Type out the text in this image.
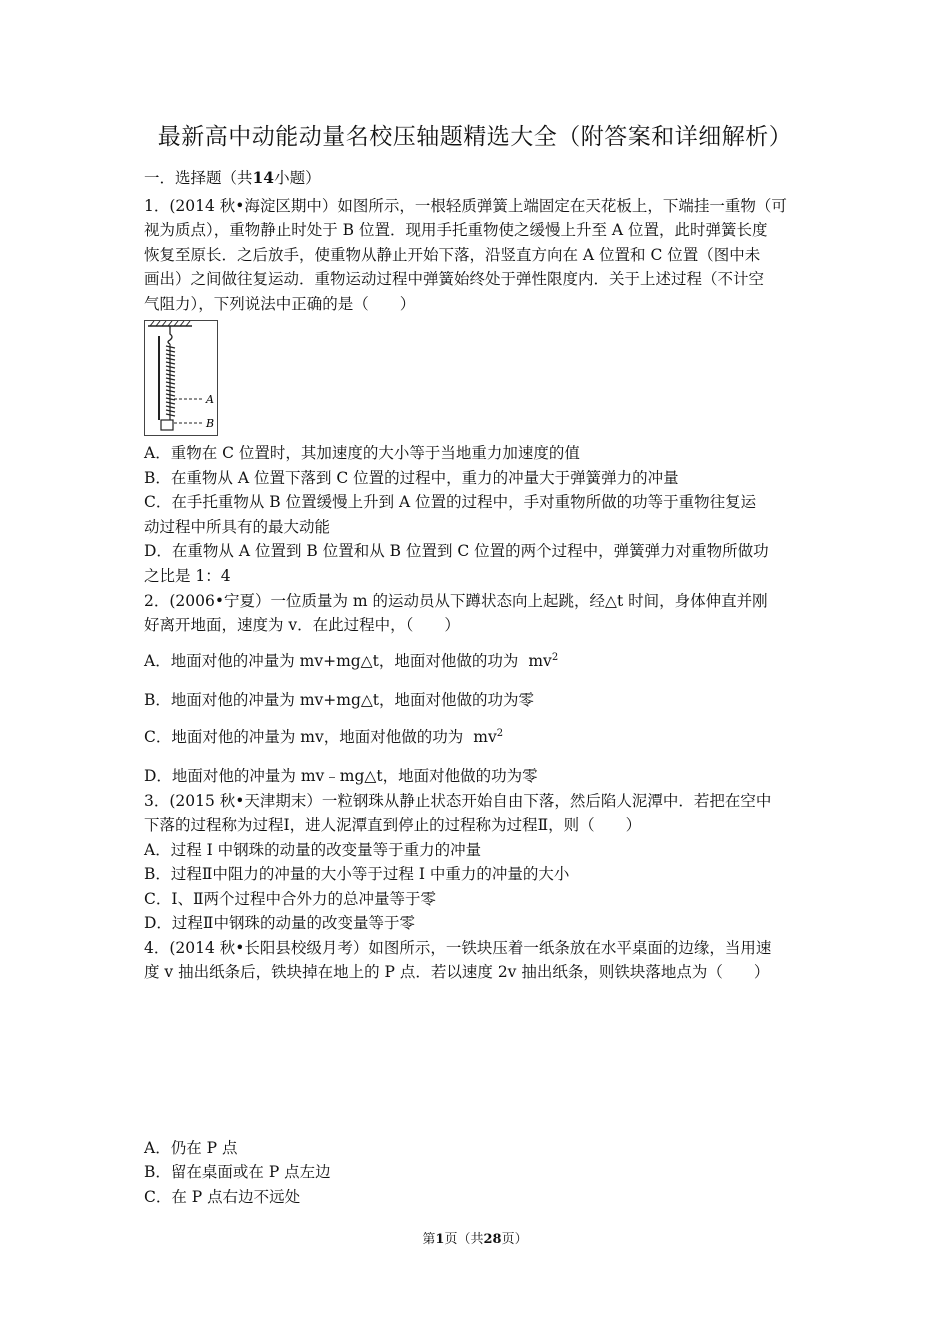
最新高中动能动量名校压轴题精选大全（附答案和详细解析）
一．选择题（共14小题）
1．(2014 秋•海淀区期中）如图所示，一根轻质弹簧上端固定在天花板上，下端挂一重物（可
视为质点），重物静止时处于 B 位置．现用手托重物使之缓慢上升至 A 位置，此时弹簧长度
恢复至原长．之后放手，使重物从静止开始下落，沿竖直方向在 A 位置和 C 位置（图中未
画出）之间做往复运动．重物运动过程中弹簧始终处于弹性限度内．关于上述过程（不计空
气阻力），下列说法中正确的是（　　）
A
B
A．重物在 C 位置时，其加速度的大小等于当地重力加速度的值
B．在重物从 A 位置下落到 C 位置的过程中，重力的冲量大于弹簧弹力的冲量
C．在手托重物从 B 位置缓慢上升到 A 位置的过程中，手对重物所做的功等于重物往复运
动过程中所具有的最大动能
D．在重物从 A 位置到 B 位置和从 B 位置到 C 位置的两个过程中，弹簧弹力对重物所做功
之比是 1：4
2．(2006•宁夏）一位质量为 m 的运动员从下蹲状态向上起跳，经△t 时间，身体伸直并刚
好离开地面，速度为 v．在此过程中，（　　）
A．地面对他的冲量为 mv+mg△t，地面对他做的功为 $mv^2$
B．地面对他的冲量为 mv+mg△t，地面对他做的功为零
C．地面对他的冲量为 mv，地面对他做的功为 $mv^2$
D．地面对他的冲量为 mv﹣mg△t，地面对他做的功为零
3．(2015 秋•天津期末）一粒钢珠从静止状态开始自由下落，然后陷人泥潭中．若把在空中
下落的过程称为过程Ⅰ，进人泥潭直到停止的过程称为过程Ⅱ，则（　　）
A．过程 I 中钢珠的动量的改变量等于重力的冲量
B．过程Ⅱ中阻力的冲量的大小等于过程 I 中重力的冲量的大小
C．I、Ⅱ两个过程中合外力的总冲量等于零
D．过程Ⅱ中钢珠的动量的改变量等于零
4．(2014 秋•长阳县校级月考）如图所示，一铁块压着一纸条放在水平桌面的边缘，当用速
度 v 抽出纸条后，铁块掉在地上的 P 点．若以速度 2v 抽出纸条，则铁块落地点为（　　）
A．仍在 P 点
B．留在桌面或在 P 点左边
C．在 P 点右边不远处
第1页（共28页）
